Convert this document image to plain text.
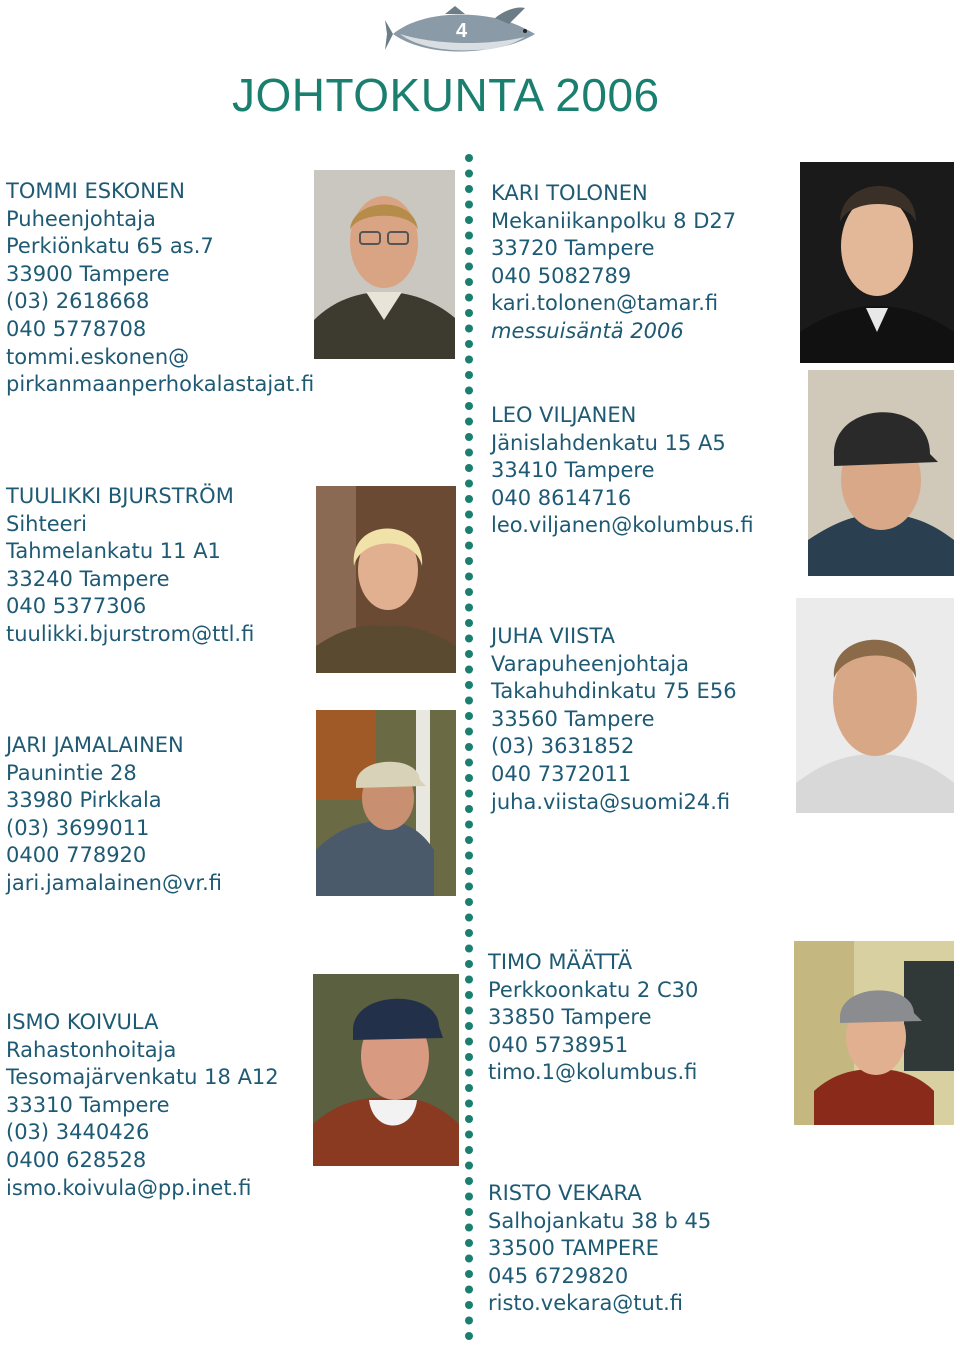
4
JOHTOKUNTA 2006
TOMMI ESKONEN
Puheenjohtaja
Perkiönkatu 65 as.7
33900 Tampere
(03) 2618668
040 5778708
tommi.eskonen@
pirkanmaanperhokalastajat.fi
TUULIKKI BJURSTRÖM
Sihteeri
Tahmelankatu 11 A1
33240 Tampere
040 5377306
tuulikki.bjurstrom@ttl.fi
JARI JAMALAINEN
Paunintie 28
33980 Pirkkala
(03) 3699011
0400 778920
jari.jamalainen@vr.fi
ISMO KOIVULA
Rahastonhoitaja
Tesomajärvenkatu 18 A12
33310 Tampere
(03) 3440426
0400 628528
ismo.koivula@pp.inet.fi
KARI TOLONEN
Mekaniikanpolku 8 D27
33720 Tampere
040 5082789
kari.tolonen@tamar.fi
messuisäntä 2006
LEO VILJANEN
Jänislahdenkatu 15 A5
33410 Tampere
040 8614716
leo.viljanen@kolumbus.fi
JUHA VIISTA
Varapuheenjohtaja
Takahuhdinkatu 75 E56
33560 Tampere
(03) 3631852
040 7372011
juha.viista@suomi24.fi
TIMO MÄÄTTÄ
Perkkoonkatu 2 C30
33850 Tampere
040 5738951
timo.1@kolumbus.fi
RISTO VEKARA
Salhojankatu 38 b 45
33500 TAMPERE
045 6729820
risto.vekara@tut.fi
